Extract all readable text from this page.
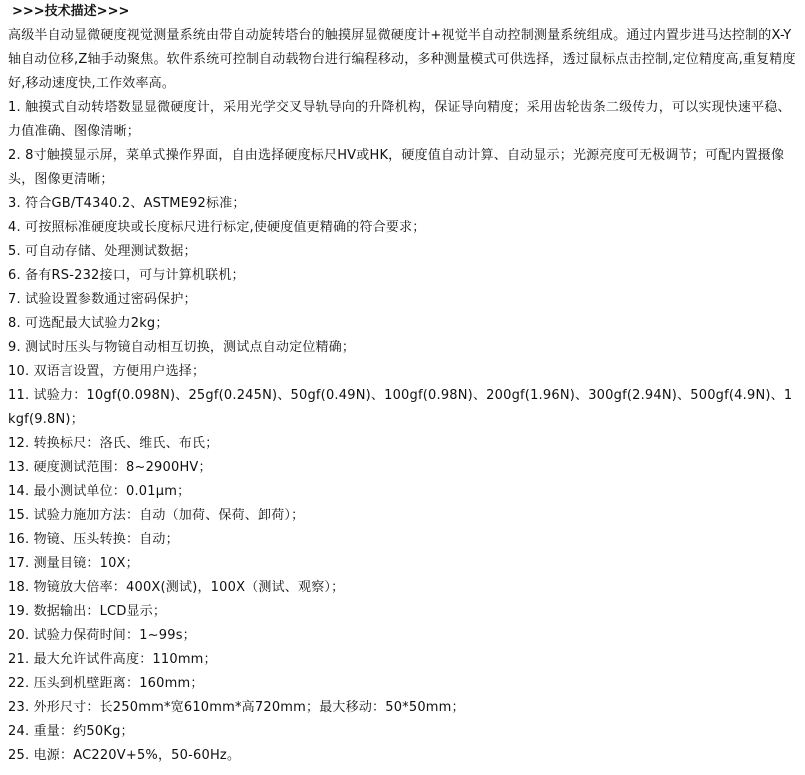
>>>技术描述>>>

高级半自动显微硬度视觉测量系统由带自动旋转塔台的触摸屏显微硬度计+视觉半自动控制测量系统组成。通过内置步进马达控制的X-Y轴自动位移,Z轴手动聚焦。软件系统可控制自动载物台进行编程移动，多种测量模式可供选择，透过鼠标点击控制,定位精度高,重复精度好,移动速度快,工作效率高。

1. 触摸式自动转塔数显显微硬度计，采用光学交叉导轨导向的升降机构，保证导向精度；采用齿轮齿条二级传力，可以实现快速平稳、力值准确、图像清晰；
2. 8寸触摸显示屏，菜单式操作界面，自由选择硬度标尺HV或HK，硬度值自动计算、自动显示；光源亮度可无极调节；可配内置摄像头，图像更清晰；
3. 符合GB/T4340.2、ASTME92标准；
4. 可按照标准硬度块或长度标尺进行标定,使硬度值更精确的符合要求；
5. 可自动存储、处理测试数据；
6. 备有RS-232接口，可与计算机联机；
7. 试验设置参数通过密码保护；
8. 可选配最大试验力2kg；
9. 测试时压头与物镜自动相互切换，测试点自动定位精确；
10. 双语言设置，方便用户选择；
11. 试验力：10gf(0.098N)、25gf(0.245N)、50gf(0.49N)、100gf(0.98N)、200gf(1.96N)、300gf(2.94N)、500gf(4.9N)、1kgf(9.8N)；
12. 转换标尺：洛氏、维氏、布氏；
13. 硬度测试范围：8~2900HV；
14. 最小测试单位：0.01μm；
15. 试验力施加方法：自动（加荷、保荷、卸荷）；
16. 物镜、压头转换：自动；
17. 测量目镜：10X；
18. 物镜放大倍率：400X(测试)，100X（测试、观察）；
19. 数据输出：LCD显示；
20. 试验力保荷时间：1~99s；
21. 最大允许试件高度：110mm；
22. 压头到机壁距离：160mm；
23. 外形尺寸：长250mm*宽610mm*高720mm；最大移动：50*50mm；
24. 重量：约50Kg；
25. 电源：AC220V+5%，50-60Hz。
